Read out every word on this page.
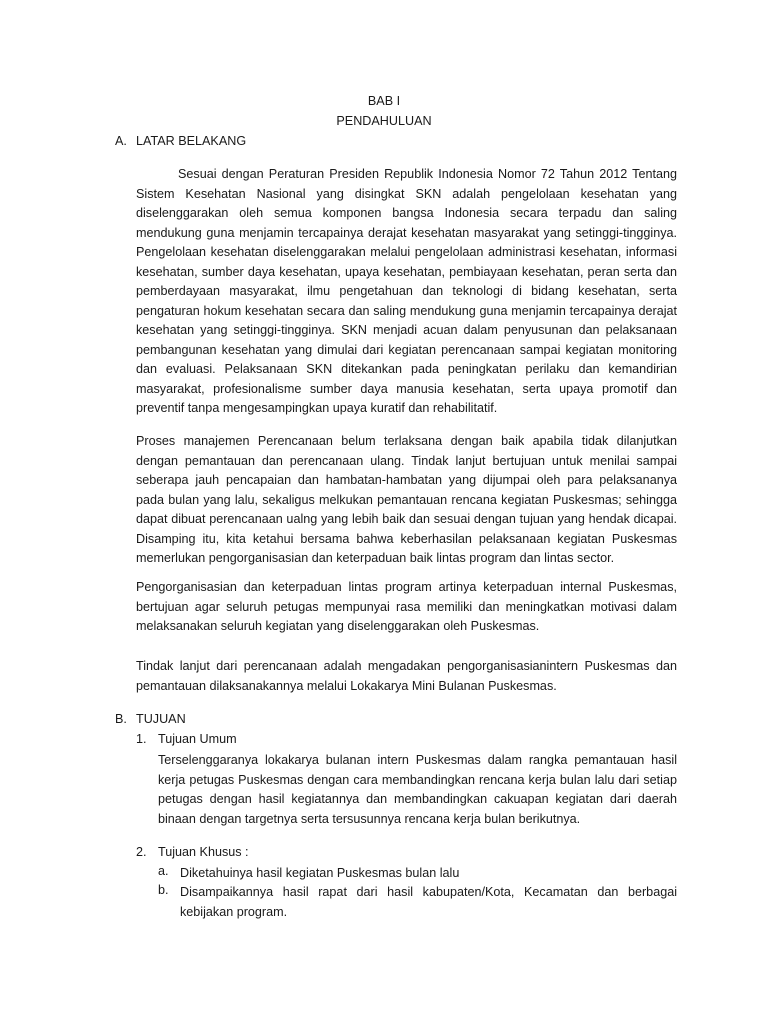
BAB I
PENDAHULUAN
A. LATAR BELAKANG

Sesuai dengan Peraturan Presiden Republik Indonesia Nomor 72 Tahun 2012 Tentang Sistem Kesehatan Nasional yang disingkat SKN adalah pengelolaan kesehatan yang diselenggarakan oleh semua komponen bangsa Indonesia secara terpadu dan saling mendukung guna menjamin tercapainya derajat kesehatan masyarakat yang setinggi-tingginya. Pengelolaan kesehatan diselenggarakan melalui pengelolaan administrasi kesehatan, informasi kesehatan, sumber daya kesehatan, upaya kesehatan, pembiayaan kesehatan, peran serta dan pemberdayaan masyarakat, ilmu pengetahuan dan teknologi di bidang kesehatan, serta pengaturan hokum kesehatan secara dan saling mendukung guna menjamin tercapainya derajat kesehatan yang setinggi-tingginya. SKN menjadi acuan dalam penyusunan dan pelaksanaan pembangunan kesehatan yang dimulai dari kegiatan perencanaan sampai kegiatan monitoring dan evaluasi. Pelaksanaan SKN ditekankan pada peningkatan perilaku dan kemandirian masyarakat, profesionalisme sumber daya manusia kesehatan, serta upaya promotif dan preventif tanpa mengesampingkan upaya kuratif dan rehabilitatif.

Proses manajemen Perencanaan belum terlaksana dengan baik apabila tidak dilanjutkan dengan pemantauan dan perencanaan ulang. Tindak lanjut bertujuan untuk menilai sampai seberapa jauh pencapaian dan hambatan-hambatan yang dijumpai oleh para pelaksananya pada bulan yang lalu, sekaligus melkukan pemantauan rencana kegiatan Puskesmas; sehingga dapat dibuat perencanaan ualng yang lebih baik dan sesuai dengan tujuan yang hendak dicapai. Disamping itu, kita ketahui bersama bahwa keberhasilan pelaksanaan kegiatan Puskesmas memerlukan pengorganisasian dan keterpaduan baik lintas program dan lintas sector.

Pengorganisasian dan keterpaduan lintas program artinya keterpaduan internal Puskesmas, bertujuan agar seluruh petugas mempunyai rasa memiliki dan meningkatkan motivasi dalam melaksanakan seluruh kegiatan yang diselenggarakan oleh Puskesmas.

Tindak lanjut dari perencanaan adalah mengadakan pengorganisasianintern Puskesmas dan pemantauan dilaksanakannya melalui Lokakarya Mini Bulanan Puskesmas.

B. TUJUAN
1. Tujuan Umum

Terselenggaranya lokakarya bulanan intern Puskesmas dalam rangka pemantauan hasil kerja petugas Puskesmas dengan cara membandingkan rencana kerja bulan lalu dari setiap petugas dengan hasil kegiatannya dan membandingkan cakuapan kegiatan dari daerah binaan dengan targetnya serta tersusunnya rencana kerja bulan berikutnya.

2. Tujuan Khusus :
a. Diketahuinya hasil kegiatan Puskesmas bulan lalu

b. Disampaikannya hasil rapat dari hasil kabupaten/Kota, Kecamatan dan berbagai kebijakan program.
